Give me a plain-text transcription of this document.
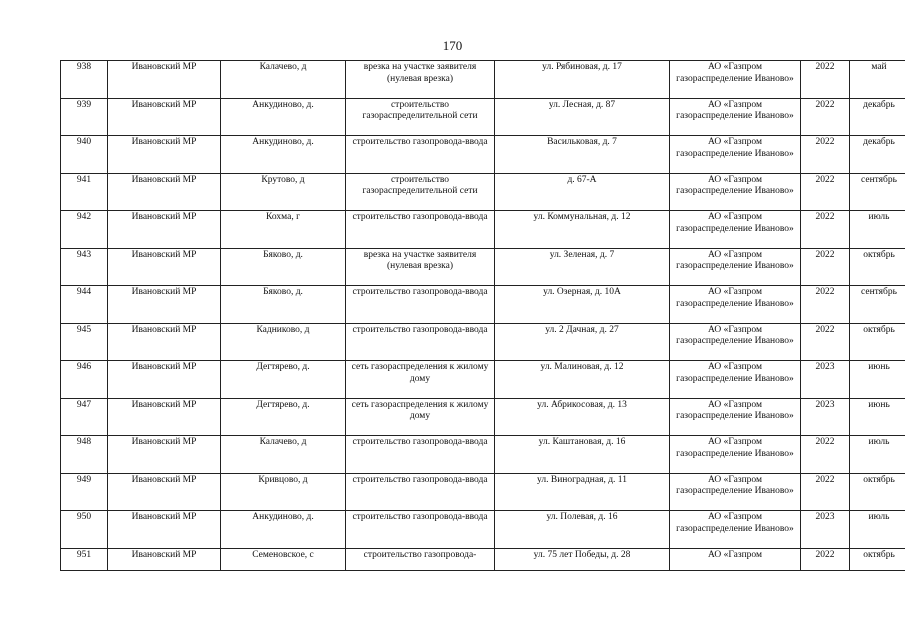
170
938	Ивановский МР	Калачево, д	врезка на участке заявителя (нулевая врезка)	ул. Рябиновая, д. 17	АО «Газпром газораспределение Иваново»	2022	май
939	Ивановский МР	Анкудиново, д.	строительство газораспределительной сети	ул. Лесная, д. 87	АО «Газпром газораспределение Иваново»	2022	декабрь
940	Ивановский МР	Анкудиново, д.	строительство газопровода-ввода	Васильковая, д. 7	АО «Газпром газораспределение Иваново»	2022	декабрь
941	Ивановский МР	Крутово, д	строительство газораспределительной сети	д. 67-А	АО «Газпром газораспределение Иваново»	2022	сентябрь
942	Ивановский МР	Кохма, г	строительство газопровода-ввода	ул. Коммунальная, д. 12	АО «Газпром газораспределение Иваново»	2022	июль
943	Ивановский МР	Бяково, д.	врезка на участке заявителя (нулевая врезка)	ул. Зеленая, д. 7	АО «Газпром газораспределение Иваново»	2022	октябрь
944	Ивановский МР	Бяково, д.	строительство газопровода-ввода	ул. Озерная, д. 10А	АО «Газпром газораспределение Иваново»	2022	сентябрь
945	Ивановский МР	Кадниково, д	строительство газопровода-ввода	ул. 2 Дачная, д. 27	АО «Газпром газораспределение Иваново»	2022	октябрь
946	Ивановский МР	Дегтярево, д.	сеть газораспределения к жилому дому	ул. Малиновая, д. 12	АО «Газпром газораспределение Иваново»	2023	июнь
947	Ивановский МР	Дегтярево, д.	сеть газораспределения к жилому дому	ул. Абрикосовая, д. 13	АО «Газпром газораспределение Иваново»	2023	июнь
948	Ивановский МР	Калачево, д	строительство газопровода-ввода	ул. Каштановая, д. 16	АО «Газпром газораспределение Иваново»	2022	июль
949	Ивановский МР	Кривцово, д	строительство газопровода-ввода	ул. Виноградная, д. 11	АО «Газпром газораспределение Иваново»	2022	октябрь
950	Ивановский МР	Анкудиново, д.	строительство газопровода-ввода	ул. Полевая, д. 16	АО «Газпром газораспределение Иваново»	2023	июль
951	Ивановский МР	Семеновское, с	строительство газопровода-	ул. 75 лет Победы, д. 28	АО «Газпром	2022	октябрь
